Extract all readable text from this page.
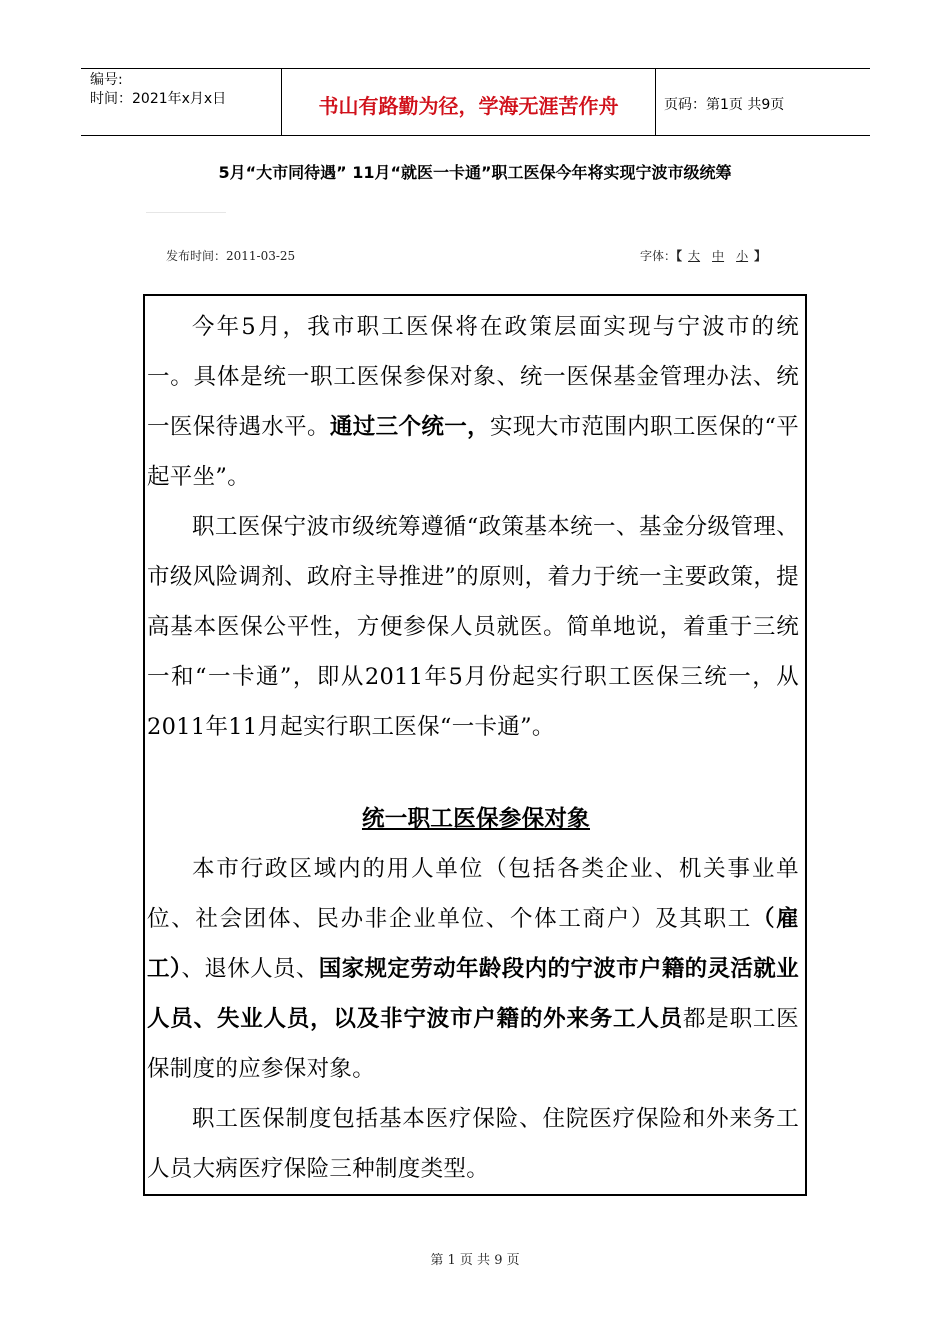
编号:
时间：2021年x月x日	书山有路勤为径，学海无涯苦作舟	页码：第1页 共9页
5月“大市同待遇” 11月“就医一卡通”职工医保今年将实现宁波市级统筹
发布时间：2011-03-25	字体：【 大 中 小 】

今年5月，我市职工医保将在政策层面实现与宁波市的统一。具体是统一职工医保参保对象、统一医保基金管理办法、统一医保待遇水平。通过三个统一，实现大市范围内职工医保的“平起平坐”。

职工医保宁波市级统筹遵循“政策基本统一、基金分级管理、市级风险调剂、政府主导推进”的原则，着力于统一主要政策，提高基本医保公平性，方便参保人员就医。简单地说，着重于三统一和“一卡通”，即从2011年5月份起实行职工医保三统一，从2011年11月起实行职工医保“一卡通”。

统一职工医保参保对象

本市行政区域内的用人单位（包括各类企业、机关事业单位、社会团体、民办非企业单位、个体工商户）及其职工（雇工）、退休人员、国家规定劳动年龄段内的宁波市户籍的灵活就业人员、失业人员，以及非宁波市户籍的外来务工人员都是职工医保制度的应参保对象。

职工医保制度包括基本医疗保险、住院医疗保险和外来务工人员大病医疗保险三种制度类型。

第 1 页 共 9 页
